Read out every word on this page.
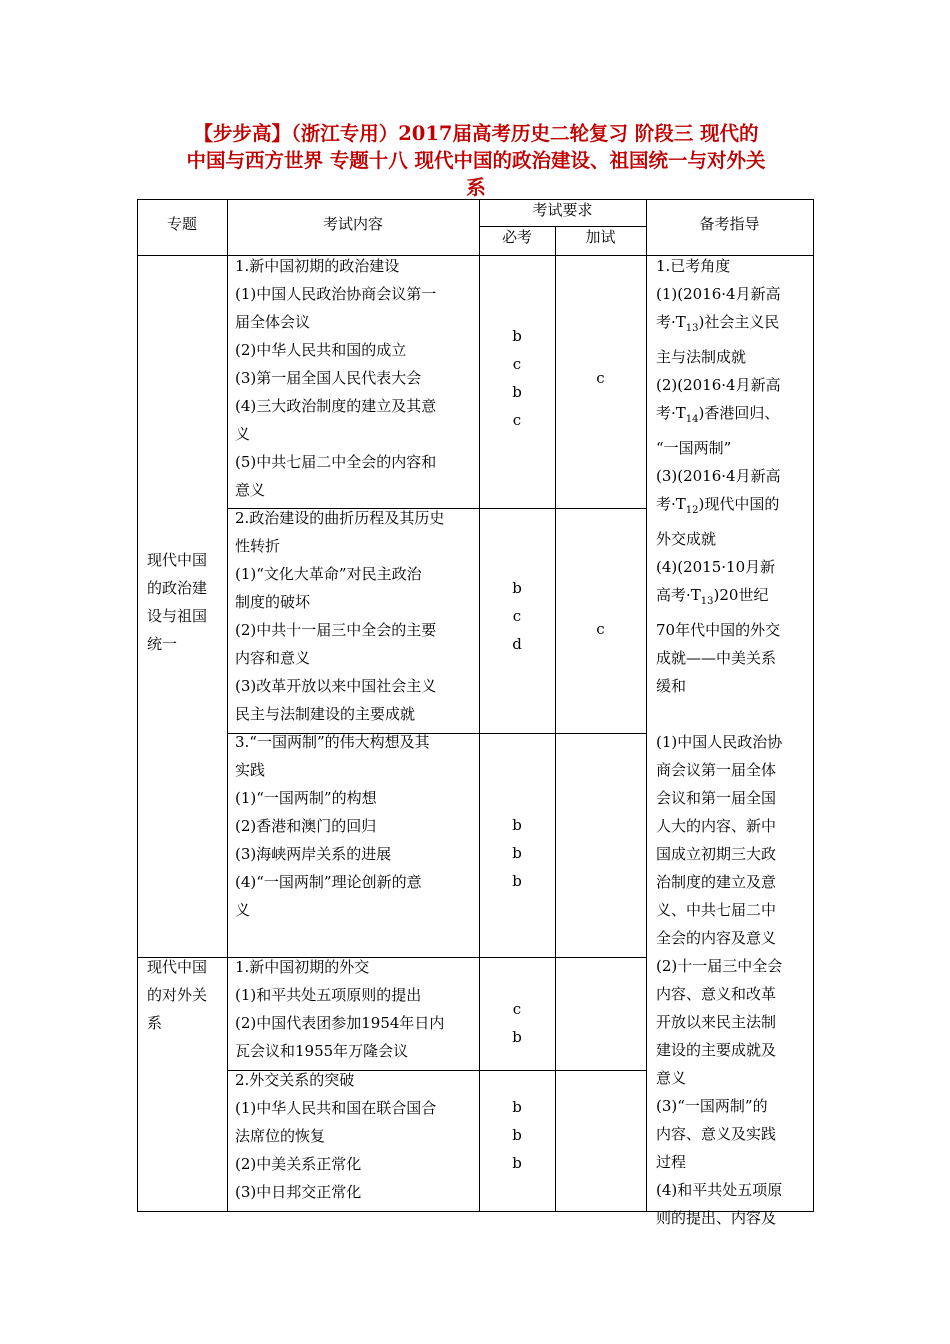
【步步高】（浙江专用）2017届高考历史二轮复习 阶段三 现代的
中国与西方世界 专题十八 现代中国的政治建设、祖国统一与对外关
系
专题	考试内容
考试要求
必考	加试
备考指导
现代中国
的政治建
设与祖国
统一
现代中国
的对外关
系
1.新中国初期的政治建设
(1)中国人民政治协商会议第一
届全体会议
(2)中华人民共和国的成立
(3)第一届全国人民代表大会
(4)三大政治制度的建立及其意
义
(5)中共七届二中全会的内容和
意义
b
c
b
c
c
2.政治建设的曲折历程及其历史
性转折
(1)“文化大革命”对民主政治
制度的破坏
(2)中共十一届三中全会的主要
内容和意义
(3)改革开放以来中国社会主义
民主与法制建设的主要成就
b
c
d
c
3.“一国两制”的伟大构想及其
实践
(1)“一国两制”的构想
(2)香港和澳门的回归
(3)海峡两岸关系的进展
(4)“一国两制”理论创新的意
义
b
b
b
1.新中国初期的外交
(1)和平共处五项原则的提出
(2)中国代表团参加1954年日内
瓦会议和1955年万隆会议
c
b
2.外交关系的突破
(1)中华人民共和国在联合国合
法席位的恢复
(2)中美关系正常化
(3)中日邦交正常化
b
b
b
1.已考角度
(1)(2016·4月新高
考$\cdot T_{13}$)社会主义民
主与法制成就
(2)(2016·4月新高
考$\cdot T_{14}$)香港回归、
“一国两制”
(3)(2016·4月新高
考$\cdot T_{12}$)现代中国的
外交成就
(4)(2015·10月新
高考$\cdot T_{13})20$世纪
70年代中国的外交
成就——中美关系
缓和
(1)中国人民政治协
商会议第一届全体
会议和第一届全国
人大的内容、新中
国成立初期三大政
治制度的建立及意
义、中共七届二中
全会的内容及意义
(2)十一届三中全会
内容、意义和改革
开放以来民主法制
建设的主要成就及
意义
(3)“一国两制”的
内容、意义及实践
过程
(4)和平共处五项原
则的提出、内容及
